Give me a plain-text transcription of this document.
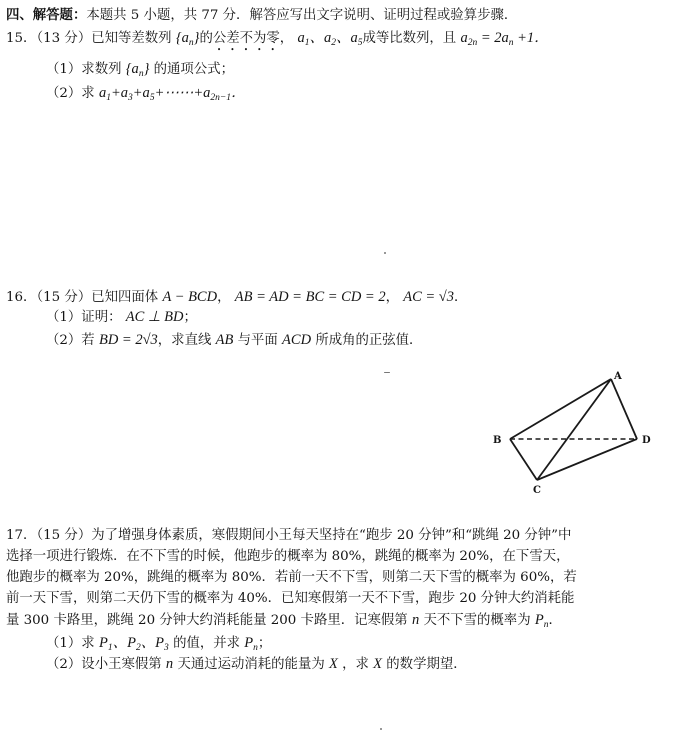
四、解答题：本题共 5 小题，共 77 分．解答应写出文字说明、证明过程或验算步骤．
15．（13 分）已知等差数列 $\{a_n\}$的公差不为零， $a_1$、$a_2$、$a_5$成等比数列，且 $a_{2n} = 2a_n +1$．
（1）求数列 $\{a_n\}$ 的通项公式；
（2）求 $a_1+a_3+a_5+\cdots\cdots+a_{2n-1}$．
16．（15 分）已知四面体 A − BCD， AB = AD = BC = CD = 2， AC = √3．
（1）证明： AC ⊥ BD；
（2）若 BD = 2√3，求直线 AB 与平面 ACD 所成角的正弦值．
A
B
C
D
17．（15 分）为了增强身体素质，寒假期间小王每天坚持在“跑步 20 分钟”和“跳绳 20 分钟”中
选择一项进行锻炼．在不下雪的时候，他跑步的概率为 80%，跳绳的概率为 20%，在下雪天，
他跑步的概率为 20%，跳绳的概率为 80%．若前一天不下雪，则第二天下雪的概率为 60%，若
前一天下雪，则第二天仍下雪的概率为 40%．已知寒假第一天不下雪，跑步 20 分钟大约消耗能
量 300 卡路里，跳绳 20 分钟大约消耗能量 200 卡路里．记寒假第 n 天不下雪的概率为 $P_n$．
（1）求 $P_1$、$P_2$、$P_3$ 的值，并求 $P_n$；
（2）设小王寒假第 n 天通过运动消耗的能量为 X ，求 X 的数学期望．
